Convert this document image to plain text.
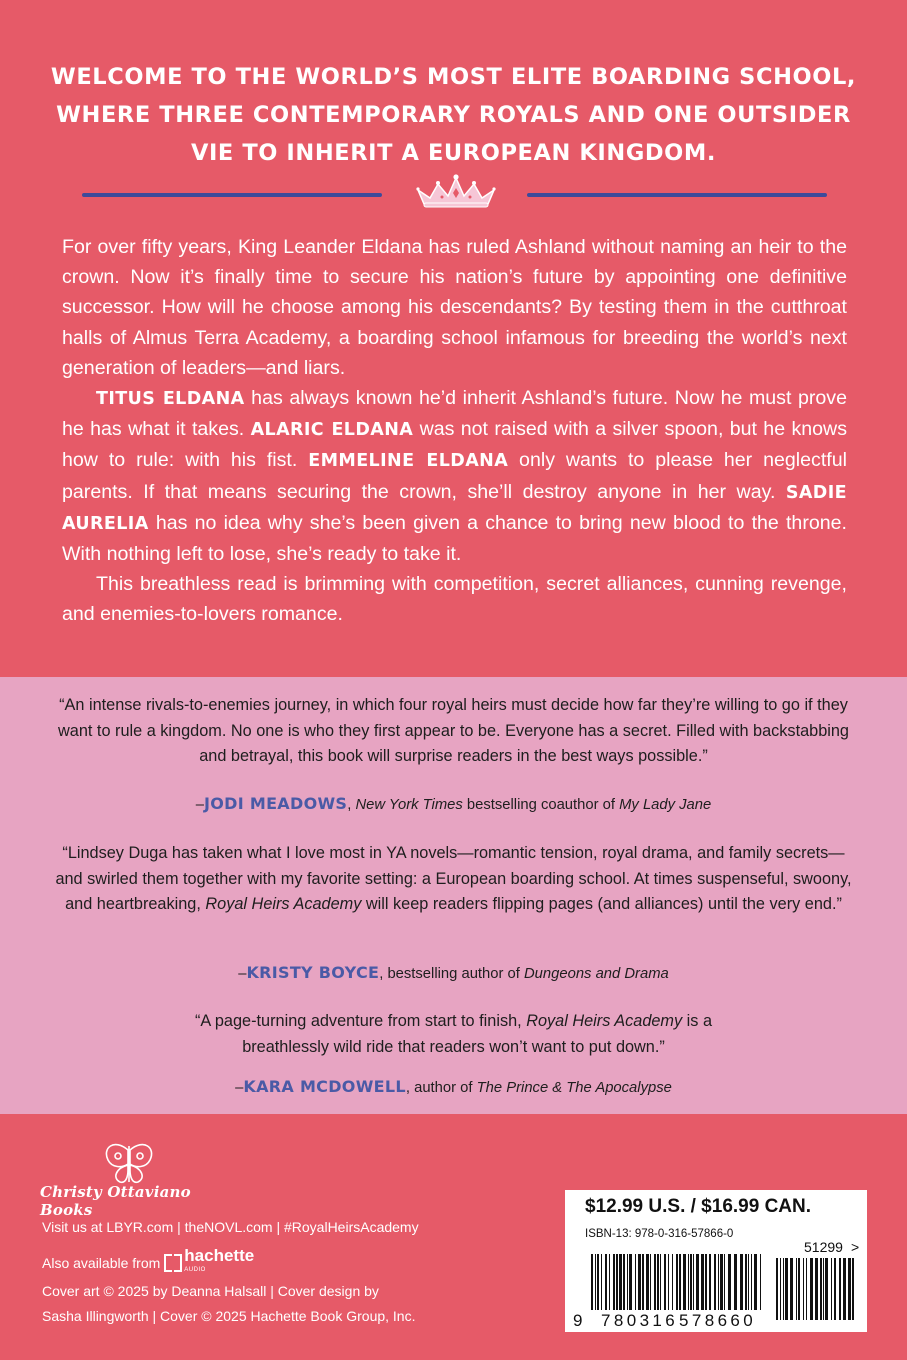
WELCOME TO THE WORLD’S MOST ELITE BOARDING SCHOOL,
WHERE THREE CONTEMPORARY ROYALS AND ONE OUTSIDER
VIE TO INHERIT A EUROPEAN KINGDOM.

For over fifty years, King Leander Eldana has ruled Ashland without naming an heir to the crown. Now it’s finally time to secure his nation’s future by appointing one definitive successor. How will he choose among his descendants? By testing them in the cutthroat halls of Almus Terra Academy, a boarding school infamous for breeding the world’s next generation of leaders—and liars.

TITUS ELDANA has always known he’d inherit Ashland’s future. Now he must prove he has what it takes. ALARIC ELDANA was not raised with a silver spoon, but he knows how to rule: with his fist. EMMELINE ELDANA only wants to please her neglectful parents. If that means securing the crown, she’ll destroy anyone in her way. SADIE AURELIA has no idea why she’s been given a chance to bring new blood to the throne. With nothing left to lose, she’s ready to take it.

This breathless read is brimming with competition, secret alliances, cunning revenge, and enemies-to-lovers romance.

“An intense rivals-to-enemies journey, in which four royal heirs must decide how far they’re willing to go if they want to rule a kingdom. No one is who they first appear to be. Everyone has a secret. Filled with backstabbing and betrayal, this book will surprise readers in the best ways possible.”
–JODI MEADOWS, New York Times bestselling coauthor of My Lady Jane
“Lindsey Duga has taken what I love most in YA novels—romantic tension, royal drama, and family secrets—and swirled them together with my favorite setting: a European boarding school. At times suspenseful, swoony, and heartbreaking, Royal Heirs Academy will keep readers flipping pages (and alliances) until the very end.”
–KRISTY BOYCE, bestselling author of Dungeons and Drama
“A page-turning adventure from start to finish, Royal Heirs Academy is a breathlessly wild ride that readers won’t want to put down.”
–KARA MCDOWELL, author of The Prince & The Apocalypse
Christy Ottaviano Books
Visit us at LBYR.com | theNOVL.com | #RoyalHeirsAcademy
Also available from hachette
AUDIO
Cover art © 2025 by Deanna Halsall | Cover design by
Sasha Illingworth | Cover © 2025 Hachette Book Group, Inc.
$12.99 U.S. / $16.99 CAN.
ISBN-13: 978-0-316-57866-0
51299 >
9 780316 578660
